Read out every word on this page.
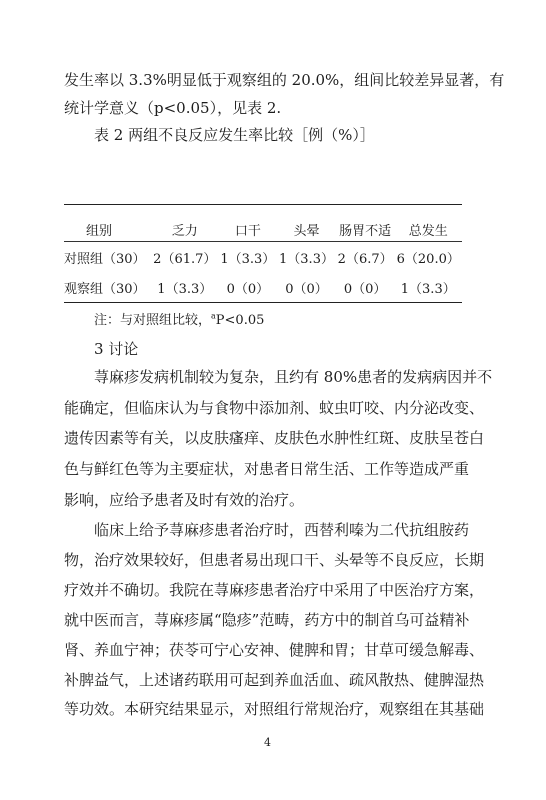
发生率以 3.3%明显低于观察组的 20.0%，组间比较差异显著，有
统计学意义（p<0.05），见表 2.
表 2 两组不良反应发生率比较［例（%）］
组别	乏力	口干	头晕	肠胃不适	总发生
对照组（30）	2（61.7）	1（3.3）	1（3.3）	2（6.7）	6（20.0）
观察组（30）	1（3.3）	0（0）	0（0）	0（0）	1（3.3）
注：与对照组比较，$^a$P<0.05
3 讨论
荨麻疹发病机制较为复杂，且约有 80%患者的发病病因并不
能确定，但临床认为与食物中添加剂、蚊虫叮咬、内分泌改变、
遗传因素等有关，以皮肤瘙痒、皮肤色水肿性红斑、皮肤呈苍白
色与鲜红色等为主要症状，对患者日常生活、工作等造成严重
影响，应给予患者及时有效的治疗。
临床上给予荨麻疹患者治疗时，西替利嗪为二代抗组胺药
物，治疗效果较好，但患者易出现口干、头晕等不良反应，长期
疗效并不确切。我院在荨麻疹患者治疗中采用了中医治疗方案，
就中医而言，荨麻疹属“隐疹”范畴，药方中的制首乌可益精补
肾、养血宁神；茯苓可宁心安神、健脾和胃；甘草可缓急解毒、
补脾益气，上述诸药联用可起到养血活血、疏风散热、健脾湿热
等功效。本研究结果显示，对照组行常规治疗，观察组在其基础
4
